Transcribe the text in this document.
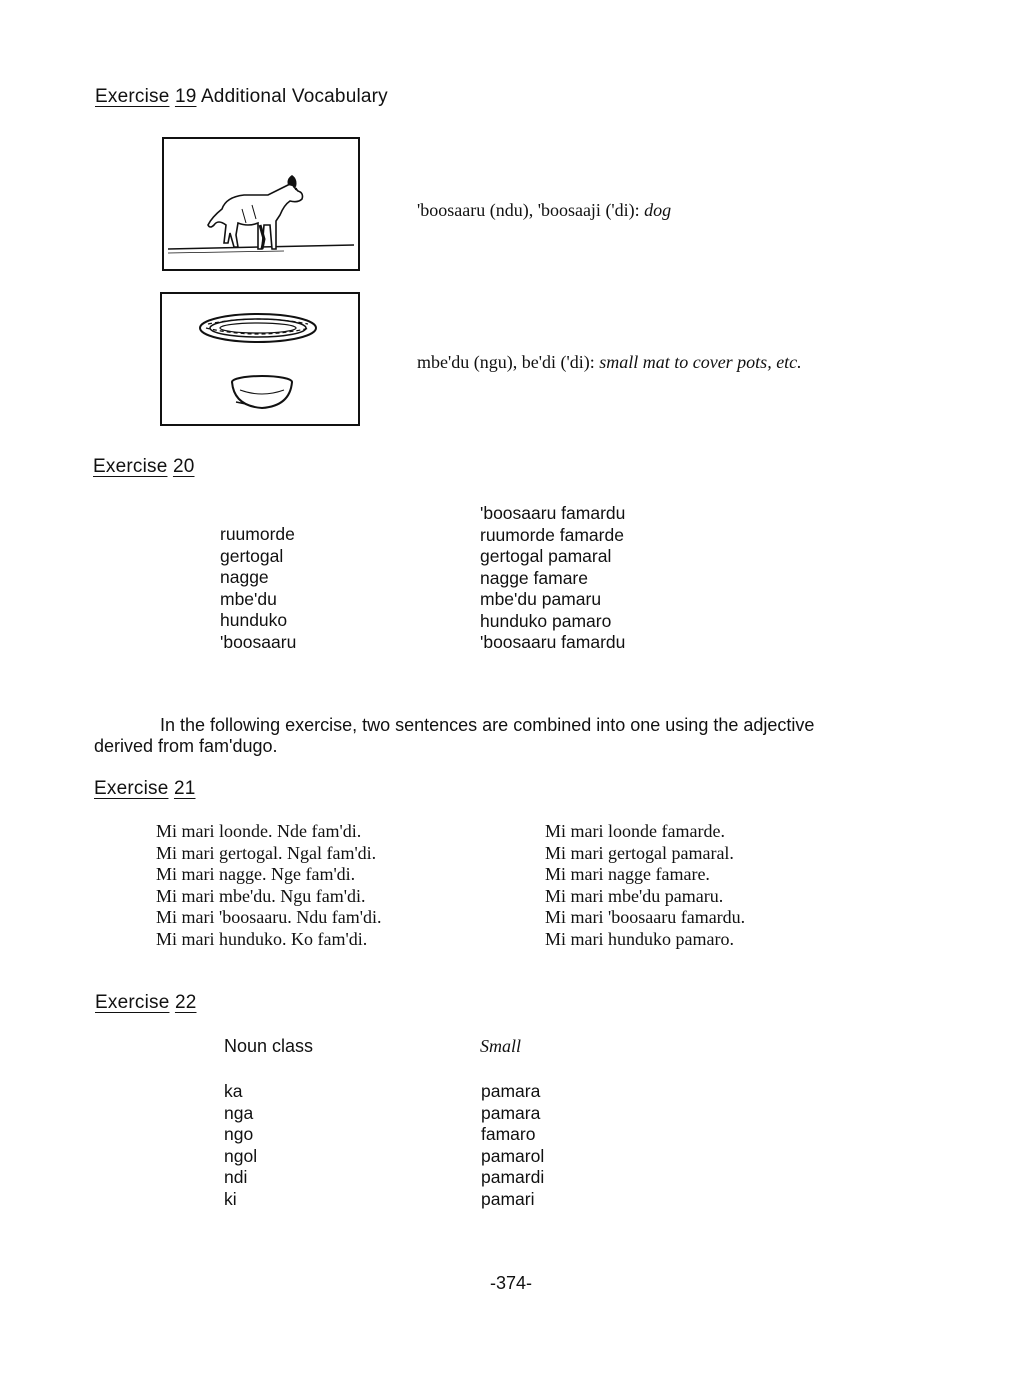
Exercise 19 Additional Vocabulary
'boosaaru (ndu), 'boosaaji ('di): dog
mbe'du (ngu), be'di ('di): small mat to cover pots, etc.
Exercise 20
ruumorde
gertogal
nagge
mbe'du
hunduko
'boosaaru
'boosaaru famardu
ruumorde famarde
gertogal pamaral
nagge famare
mbe'du pamaru
hunduko pamaro
'boosaaru famardu
In the following exercise, two sentences are combined into one using the adjective
derived from fam'dugo.
Exercise 21
Mi mari loonde. Nde fam'di.
Mi mari gertogal. Ngal fam'di.
Mi mari nagge. Nge fam'di.
Mi mari mbe'du. Ngu fam'di.
Mi mari 'boosaaru. Ndu fam'di.
Mi mari hunduko. Ko fam'di.
Mi mari loonde famarde.
Mi mari gertogal pamaral.
Mi mari nagge famare.
Mi mari mbe'du pamaru.
Mi mari 'boosaaru famardu.
Mi mari hunduko pamaro.
Exercise 22
Noun class	Small
ka
nga
ngo
ngol
ndi
ki
pamara
pamara
famaro
pamarol
pamardi
pamari
-374-
